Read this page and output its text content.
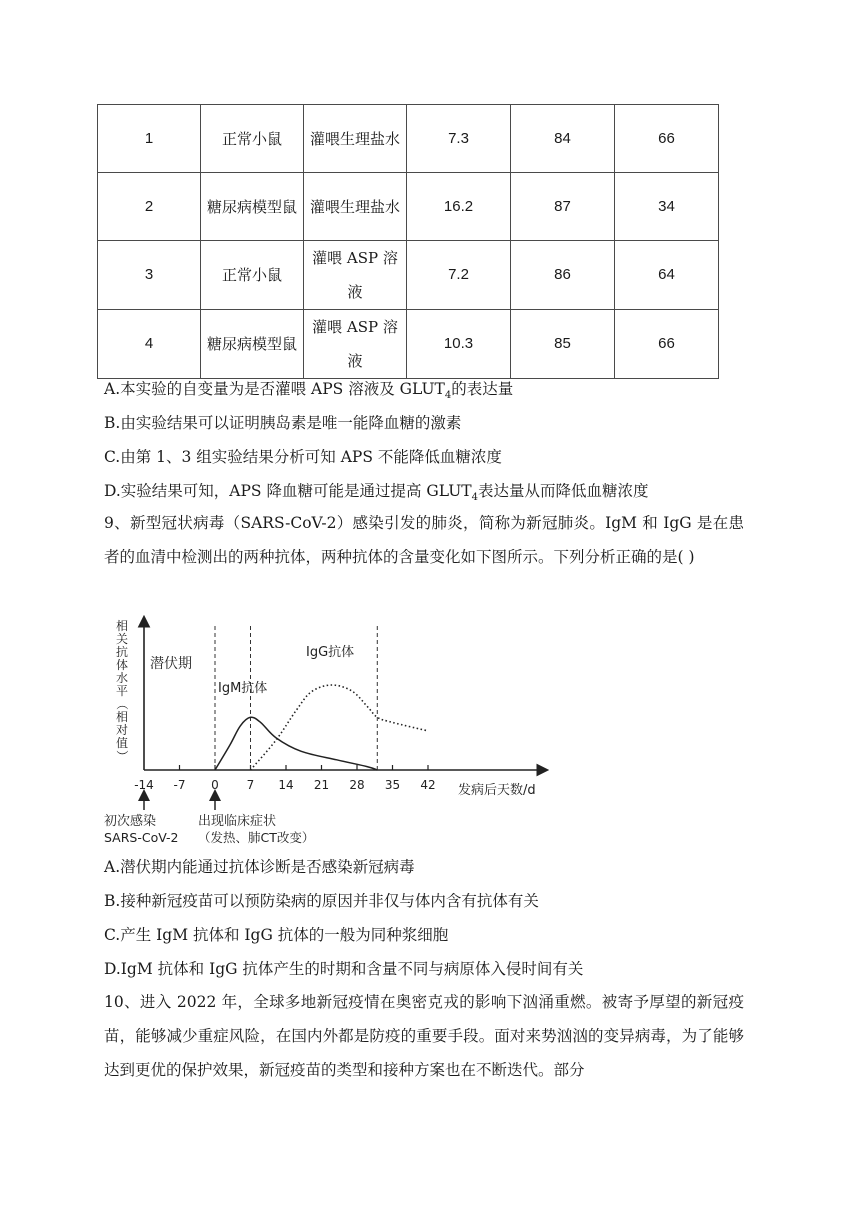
1	正常小鼠	灌喂生理盐水	7.3	84	66
2	糖尿病模型鼠	灌喂生理盐水	16.2	87	34
3	正常小鼠	灌喂 ASP 溶液	7.2	86	64
4	糖尿病模型鼠	灌喂 ASP 溶液	10.3	85	66
A.本实验的自变量为是否灌喂 APS 溶液及 $GLUT_4$的表达量
B.由实验结果可以证明胰岛素是唯一能降血糖的激素
C.由第 1、3 组实验结果分析可知 APS 不能降低血糖浓度
D.实验结果可知，APS 降血糖可能是通过提高 $GLUT_4$表达量从而降低血糖浓度
9、新型冠状病毒（SARS-CoV-2）感染引发的肺炎，简称为新冠肺炎。IgM 和 IgG 是在患者的血清中检测出的两种抗体，两种抗体的含量变化如下图所示。下列分析正确的是( )
相
关
抗
体
水
平
（
相
对
值
）
-14 -7 0 7 14 21 28 35 42
潜伏期
IgM抗体
IgG抗体
发病后天数/d
初次感染
SARS-CoV-2
出现临床症状
（发热、肺CT改变）
A.潜伏期内能通过抗体诊断是否感染新冠病毒
B.接种新冠疫苗可以预防染病的原因并非仅与体内含有抗体有关
C.产生 IgM 抗体和 IgG 抗体的一般为同种浆细胞
D.IgM 抗体和 IgG 抗体产生的时期和含量不同与病原体入侵时间有关
10、进入 2022 年，全球多地新冠疫情在奥密克戎的影响下汹涌重燃。被寄予厚望的新冠疫苗，能够减少重症风险，在国内外都是防疫的重要手段。面对来势汹汹的变异病毒，为了能够达到更优的保护效果，新冠疫苗的类型和接种方案也在不断迭代。部分
